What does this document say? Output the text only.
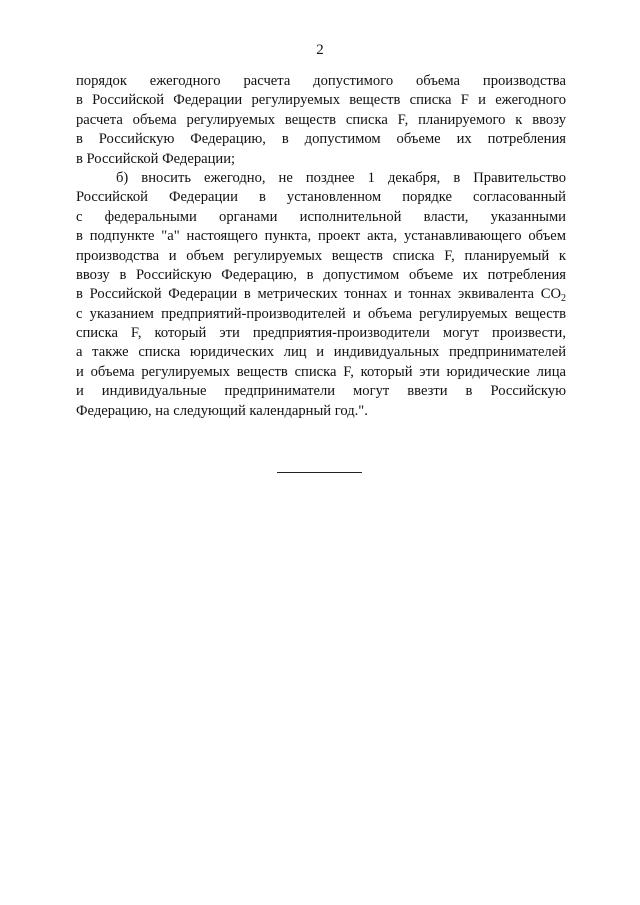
2
порядок ежегодного расчета допустимого объема производства
в Российской Федерации регулируемых веществ списка F и ежегодного
расчета объема регулируемых веществ списка F, планируемого к ввозу
в Российскую Федерацию, в допустимом объеме их потребления
в Российской Федерации;
б) вносить ежегодно, не позднее 1 декабря, в Правительство
Российской Федерации в установленном порядке согласованный
с федеральными органами исполнительной власти, указанными
в подпункте "а" настоящего пункта, проект акта, устанавливающего объем
производства и объем регулируемых веществ списка F, планируемый к
ввозу в Российскую Федерацию, в допустимом объеме их потребления
в Российской Федерации в метрических тоннах и тоннах эквивалента $CO_2$
с указанием предприятий-производителей и объема регулируемых веществ
списка F, который эти предприятия-производители могут произвести,
а также списка юридических лиц и индивидуальных предпринимателей
и объема регулируемых веществ списка F, который эти юридические лица
и индивидуальные предприниматели могут ввезти в Российскую
Федерацию, на следующий календарный год.".
